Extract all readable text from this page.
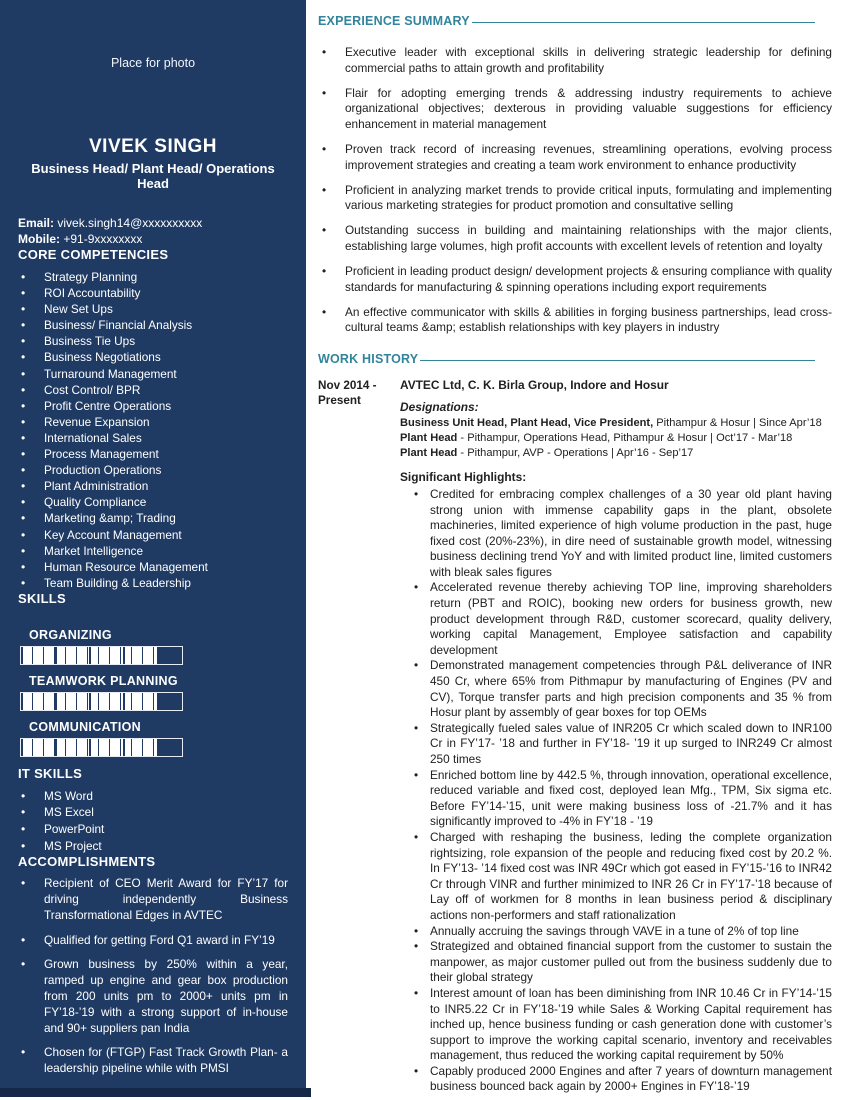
Place for photo
VIVEK SINGH
Business Head/ Plant Head/ Operations Head
Email: vivek.singh14@xxxxxxxxxx
Mobile: +91-9xxxxxxxx
CORE COMPETENCIES
• Strategy Planning
• ROI Accountability
• New Set Ups
• Business/ Financial Analysis
• Business Tie Ups
• Business Negotiations
• Turnaround Management
• Cost Control/ BPR
• Profit Centre Operations
• Revenue Expansion
• International Sales
• Process Management
• Production Operations
• Plant Administration
• Quality Compliance
• Marketing &amp; Trading
• Key Account Management
• Market Intelligence
• Human Resource Management
• Team Building & Leadership
SKILLS
ORGANIZING
TEAMWORK PLANNING
COMMUNICATION
IT SKILLS
• MS Word
• MS Excel
• PowerPoint
• MS Project
ACCOMPLISHMENTS
• Recipient of CEO Merit Award for FY’17 for driving independently Business Transformational Edges in AVTEC
• Qualified for getting Ford Q1 award in FY’19
• Grown business by 250% within a year, ramped up engine and gear box production from 200 units pm to 2000+ units pm in FY’18-’19 with a strong support of in-house and 90+ suppliers pan India
• Chosen for (FTGP) Fast Track Growth Plan- a leadership pipeline while with PMSI
EXPERIENCE SUMMARY
• Executive leader with exceptional skills in delivering strategic leadership for defining commercial paths to attain growth and profitability
• Flair for adopting emerging trends & addressing industry requirements to achieve organizational objectives; dexterous in providing valuable suggestions for efficiency enhancement in material management
• Proven track record of increasing revenues, streamlining operations, evolving process improvement strategies and creating a team work environment to enhance productivity
• Proficient in analyzing market trends to provide critical inputs, formulating and implementing various marketing strategies for product promotion and consultative selling
• Outstanding success in building and maintaining relationships with the major clients, establishing large volumes, high profit accounts with excellent levels of retention and loyalty
• Proficient in leading product design/ development projects & ensuring compliance with quality standards for manufacturing & spinning operations including export requirements
• An effective communicator with skills & abilities in forging business partnerships, lead cross-cultural teams &amp; establish relationships with key players in industry
WORK HISTORY
Nov 2014 -
Present
AVTEC Ltd, C. K. Birla Group, Indore and Hosur
Designations:
Business Unit Head, Plant Head, Vice President, Pithampur & Hosur | Since Apr’18
Plant Head - Pithampur, Operations Head, Pithampur & Hosur | Oct’17 - Mar’18
Plant Head - Pithampur, AVP - Operations | Apr’16 - Sep’17
Significant Highlights:
• Credited for embracing complex challenges of a 30 year old plant having strong union with immense capability gaps in the plant, obsolete machineries, limited experience of high volume production in the past, huge fixed cost (20%-23%), in dire need of sustainable growth model, witnessing business declining trend YoY and with limited product line, limited customers with bleak sales figures
• Accelerated revenue thereby achieving TOP line, improving shareholders return (PBT and ROIC), booking new orders for business growth, new product development through R&D, customer scorecard, quality delivery, working capital Management, Employee satisfaction and capability development
• Demonstrated management competencies through P&L deliverance of INR 450 Cr, where 65% from Pithmapur by manufacturing of Engines (PV and CV), Torque transfer parts and high precision components and 35 % from Hosur plant by assembly of gear boxes for top OEMs
• Strategically fueled sales value of INR205 Cr which scaled down to INR100 Cr in FY’17- ’18 and further in FY’18- ’19 it up surged to INR249 Cr almost 250 times
• Enriched bottom line by 442.5 %, through innovation, operational excellence, reduced variable and fixed cost, deployed lean Mfg., TPM, Six sigma etc. Before FY’14-’15, unit were making business loss of -21.7% and it has significantly improved to -4% in FY’18 - ’19
• Charged with reshaping the business, leding the complete organization rightsizing, role expansion of the people and reducing fixed cost by 20.2 %. In FY’13- ’14 fixed cost was INR 49Cr which got eased in FY’15-’16 to INR42 Cr through VINR and further minimized to INR 26 Cr in FY’17-’18 because of Lay off of workmen for 8 months in lean business period & disciplinary actions non-performers and staff rationalization
• Annually accruing the savings through VAVE in a tune of 2% of top line
• Strategized and obtained financial support from the customer to sustain the manpower, as major customer pulled out from the business suddenly due to their global strategy
• Interest amount of loan has been diminishing from INR 10.46 Cr in FY’14-’15 to INR5.22 Cr in FY’18-’19 while Sales & Working Capital requirement has inched up, hence business funding or cash generation done with customer’s support to improve the working capital scenario, inventory and receivables management, thus reduced the working capital requirement by 50%
• Capably produced 2000 Engines and after 7 years of downturn management business bounced back again by 2000+ Engines in FY’18-’19
